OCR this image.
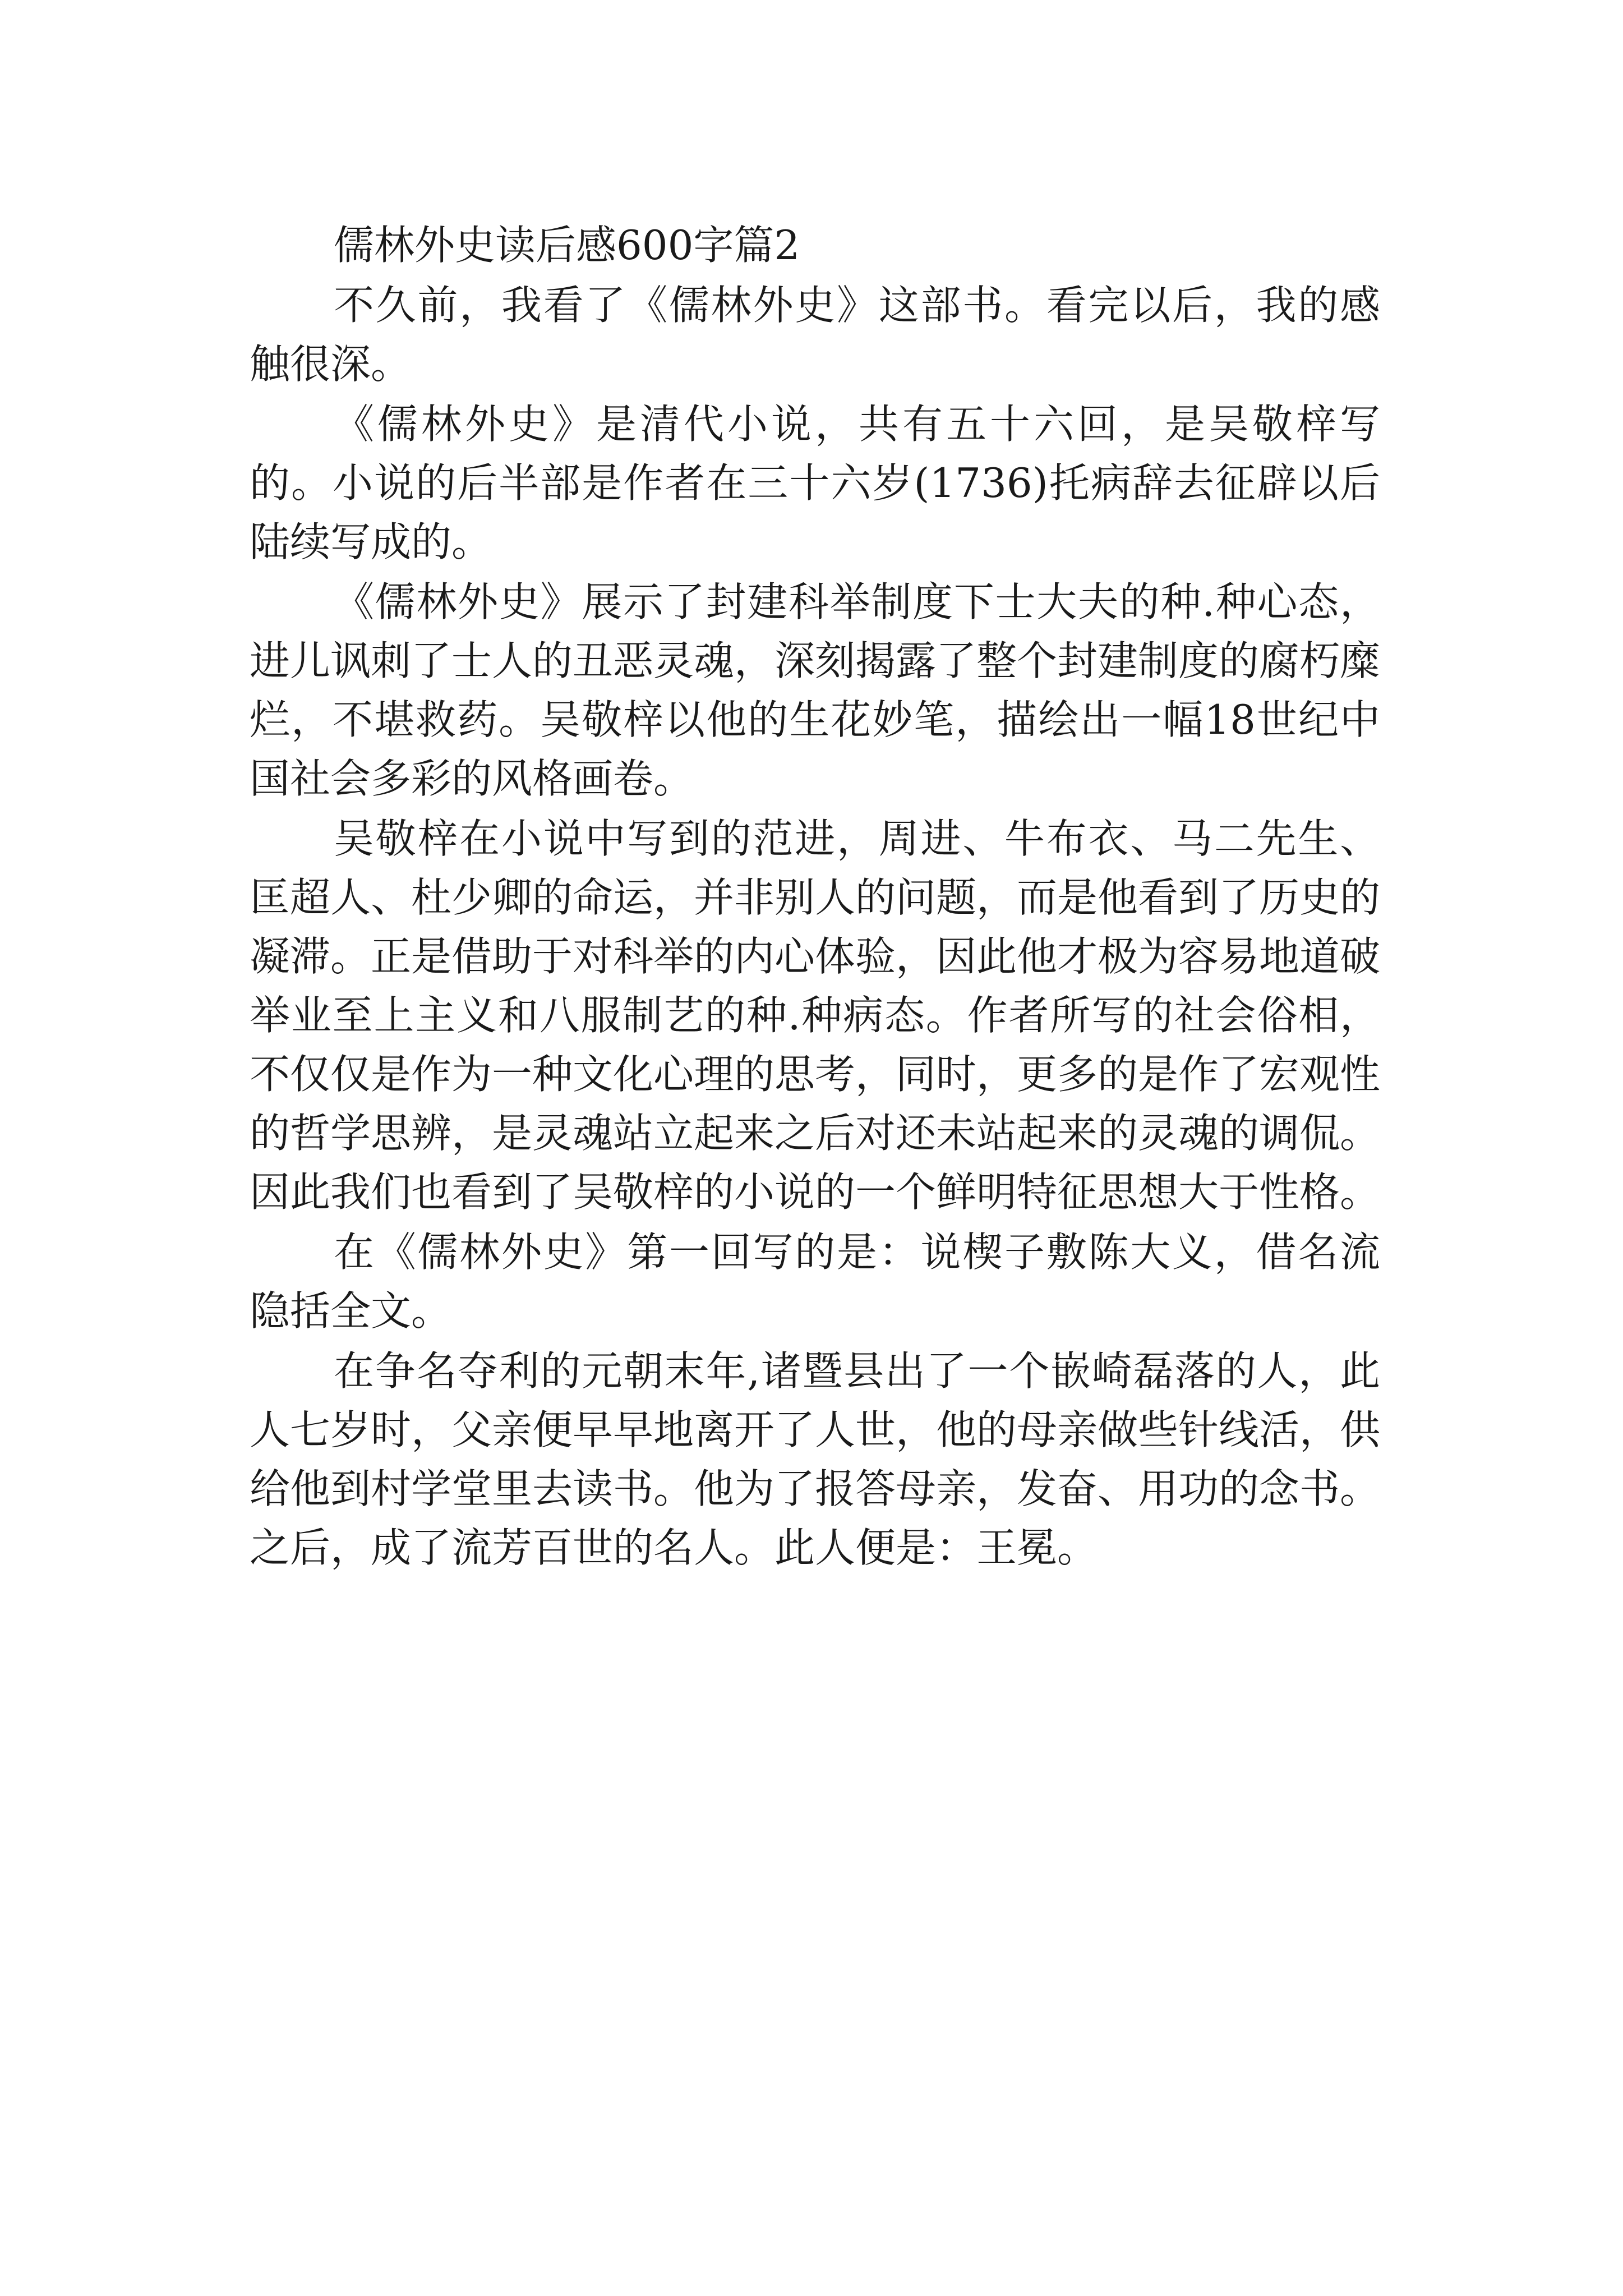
儒林外史读后感600字篇2

不久前，我看了《儒林外史》这部书。看完以后，我的感触很深。

《儒林外史》是清代小说，共有五十六回，是吴敬梓写的。小说的后半部是作者在三十六岁(1736)托病辞去征辟以后陆续写成的。

《儒林外史》展示了封建科举制度下士大夫的种.种心态，进儿讽刺了士人的丑恶灵魂，深刻揭露了整个封建制度的腐朽糜烂，不堪救药。吴敬梓以他的生花妙笔，描绘出一幅18世纪中国社会多彩的风格画卷。

吴敬梓在小说中写到的范进，周进、牛布衣、马二先生、匡超人、杜少卿的命运，并非别人的问题，而是他看到了历史的凝滞。正是借助于对科举的内心体验，因此他才极为容易地道破举业至上主义和八服制艺的种.种病态。作者所写的社会俗相，不仅仅是作为一种文化心理的思考，同时，更多的是作了宏观性的哲学思辨，是灵魂站立起来之后对还未站起来的灵魂的调侃。因此我们也看到了吴敬梓的小说的一个鲜明特征思想大于性格。

在《儒林外史》第一回写的是：说楔子敷陈大义，借名流隐括全文。

在争名夺利的元朝末年,诸暨县出了一个嵌崎磊落的人，此人七岁时，父亲便早早地离开了人世，他的母亲做些针线活，供给他到村学堂里去读书。他为了报答母亲，发奋、用功的念书。之后，成了流芳百世的名人。此人便是：王冕。
